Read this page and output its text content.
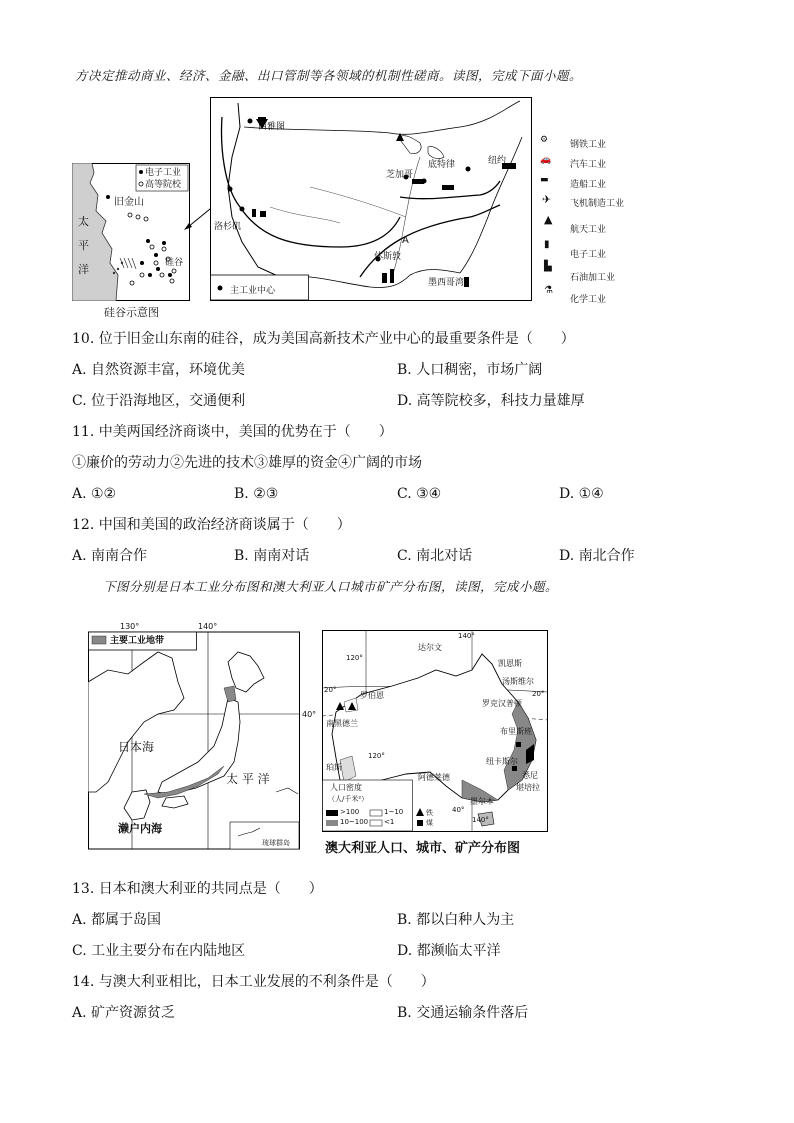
方决定推动商业、经济、金融、出口管制等各领域的机制性磋商。读图，完成下面小题。
电子工业
高等院校
旧金山
太
平
洋	硅谷
硅谷示意图
西雅图
底特律
芝加哥
纽约
洛杉矶
休斯敦
墨西哥湾
A
主工业中心
⚙ 钢铁工业
🚗 汽车工业
▬ 造船工业
✈ 飞机制造工业
▲
航天工业
▮
电子工业
▙
石油加工业
⚗
化学工业
10. 位于旧金山东南的硅谷，成为美国高新技术产业中心的最重要条件是（　　）
A. 自然资源丰富，环境优美	B. 人口稠密，市场广阔
C. 位于沿海地区，交通便利	D. 高等院校多，科技力量雄厚
11. 中美两国经济商谈中，美国的优势在于（　　）
①廉价的劳动力②先进的技术③雄厚的资金④广阔的市场
A. ①②	B. ②③	C. ③④	D. ①④
12. 中国和美国的政治经济商谈属于（　　）
A. 南南合作	B. 南南对话	C. 南北对话	D. 南北合作
下图分别是日本工业分布图和澳大利亚人口城市矿产分布图，读图，完成小题。
主要工业地带
130°	140°
40°
日本海
太 平 洋
濑户内海
琉球群岛
达尔文
凯恩斯
汤斯维尔
罗克汉普顿
布里斯班
纽卡斯尔
悉尼
堪培拉
墨尔本
阿德莱德
珀斯
罗伯恩
南黑德兰
120°
140°
120°
140°
40°
20°	20°
人口密度
（人/千米²）
>100	1~10
10~100 <1
铁
煤
澳大利亚人口、城市、矿产分布图
13. 日本和澳大利亚的共同点是（　　）
A. 都属于岛国	B. 都以白种人为主
C. 工业主要分布在内陆地区	D. 都濒临太平洋
14. 与澳大利亚相比，日本工业发展的不利条件是（　　）
A. 矿产资源贫乏	B. 交通运输条件落后
